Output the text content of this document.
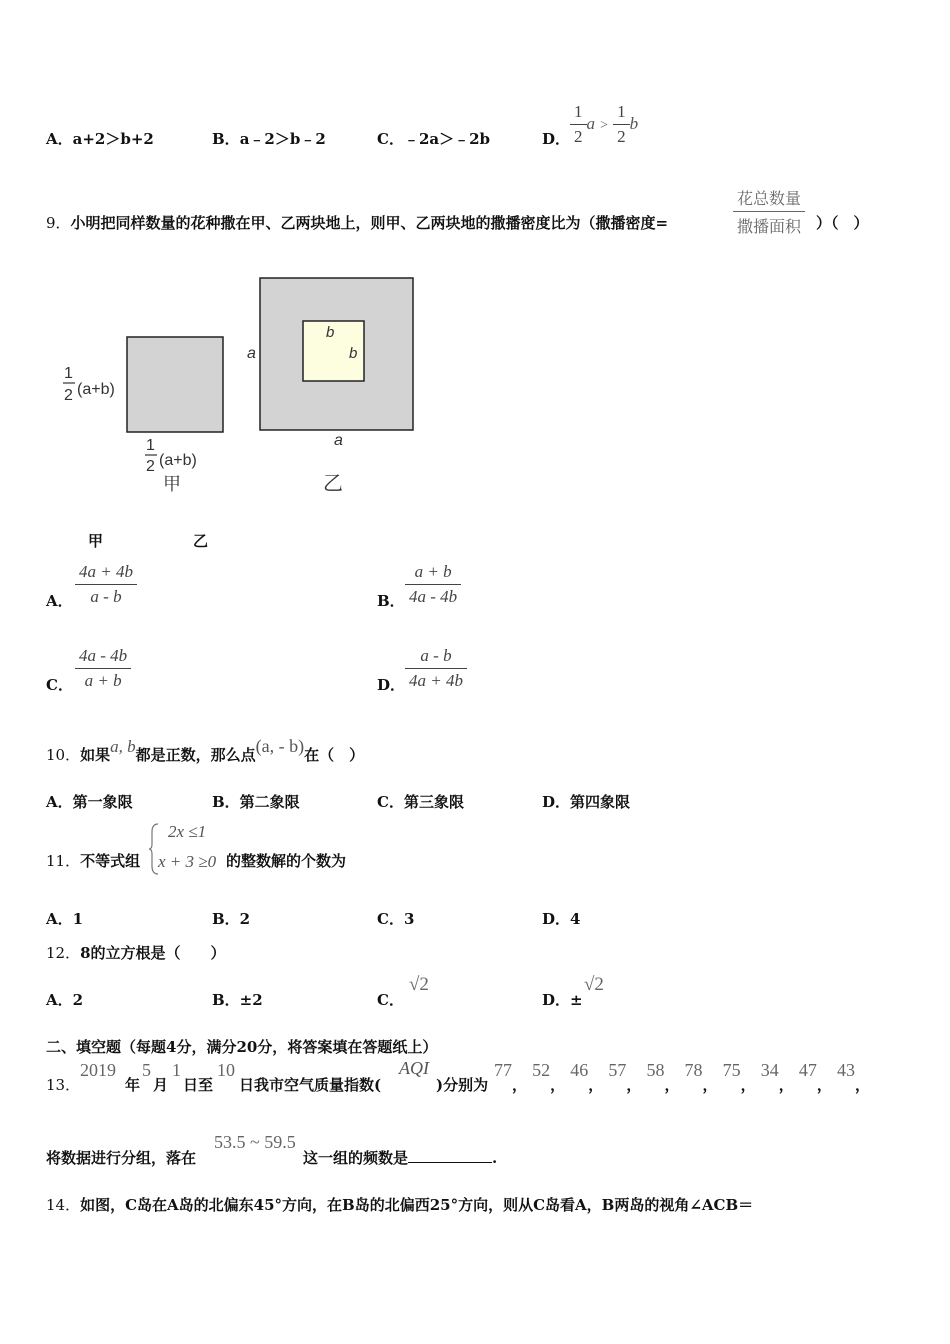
A．a+2＞b+2	B．a﹣2＞b﹣2	C．﹣2a＞﹣2b	D． $\frac{1}{2}$ $a > \frac{1}{2}$ b
9．小明把同样数量的花种撒在甲、乙两块地上，则甲、乙两块地的撒播密度比为（撒播密度=	$\frac{\text{花总数量}}{\text{撒播面积}}$ ）（　）
1
2 (a+b)
1
2 (a+b)
甲
a
a
b
b
乙
甲	乙
A． $\frac{4a + 4b}{a - b}$	B． $\frac{a + b}{4a - 4b}$
C． $\frac{4a - 4b}{a + b}$	D． $\frac{a - b}{4a + 4b}$
10．如果a, b都是正数，那么点(a, - b)在（　）
A．第一象限	B．第二象限	C．第三象限	D．第四象限
11．不等式组
2x ≤1
x + 3 ≥0 的整数解的个数为
A．1	B．2	C．3	D．4
12．8的立方根是（　　）
A．2	B．±2	C．
√2
D．±
√2
二、填空题（每题4分，满分20分，将答案填在答题纸上）
13．
2019
年
5
月
1
日至
10
日我市空气质量指数(
AQI
)分别为
77， 52， 46， 57， 58， 78， 75， 34， 47， 43，
将数据进行分组，落在
53.5 ~ 59.5
这一组的频数是	.
14．如图，C岛在A岛的北偏东45°方向，在B岛的北偏西25°方向，则从C岛看A，B两岛的视角∠ACB＝
